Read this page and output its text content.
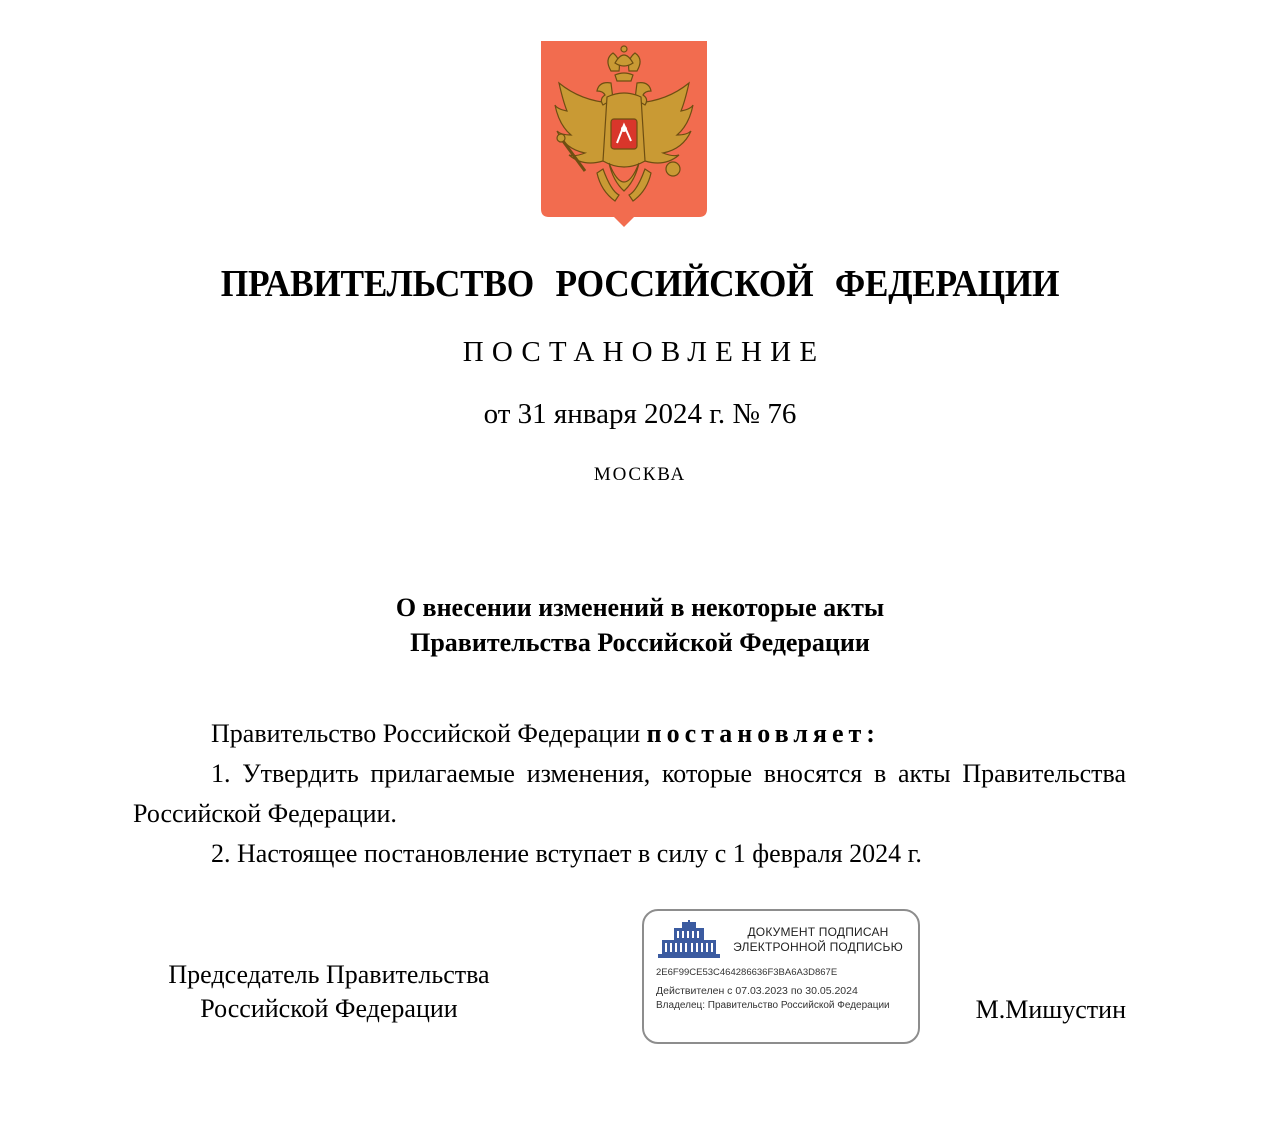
ПРАВИТЕЛЬСТВО РОССИЙСКОЙ ФЕДЕРАЦИИ
ПОСТАНОВЛЕНИЕ
от 31 января 2024 г. № 76
МОСКВА
О внесении изменений в некоторые акты
Правительства Российской Федерации

Правительство Российской Федерации постановляет:

1. Утвердить прилагаемые изменения, которые вносятся в акты Правительства Российской Федерации.

2. Настоящее постановление вступает в силу с 1 февраля 2024 г.

Председатель Правительства
Российской Федерации
ДОКУМЕНТ ПОДПИСАН
ЭЛЕКТРОННОЙ ПОДПИСЬЮ
2E6F99CE53C464286636F3BA6A3D867E
Действителен с 07.03.2023 по 30.05.2024
Владелец: Правительство Российской Федерации	М.Мишустин
